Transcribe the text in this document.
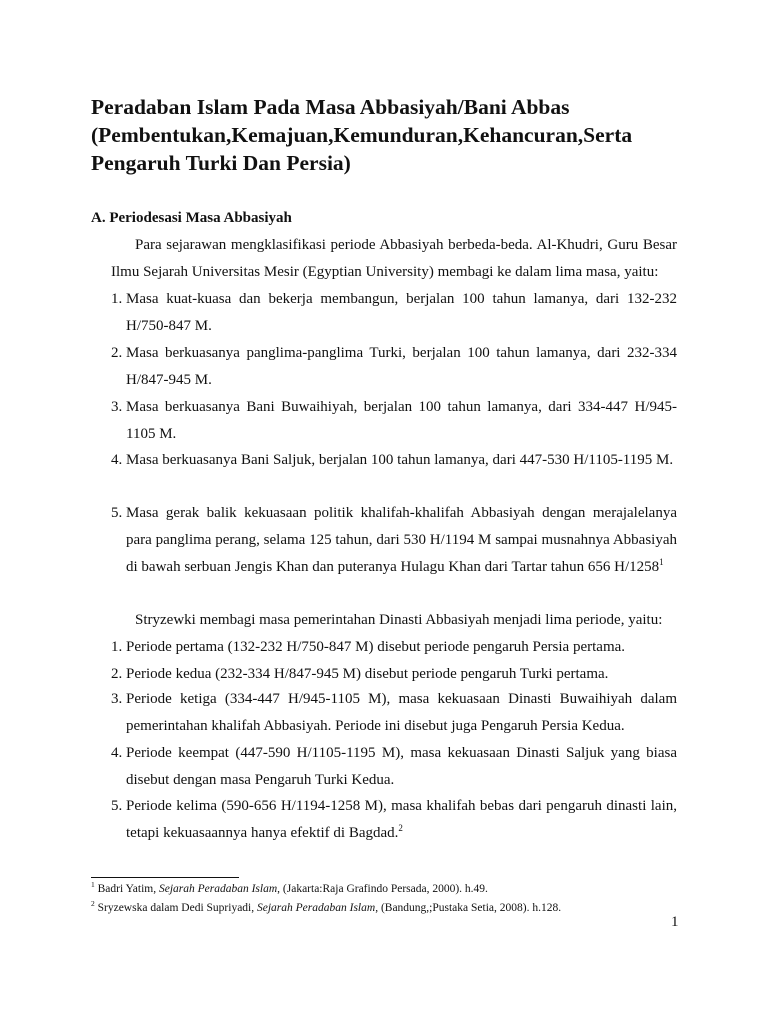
Peradaban Islam Pada Masa Abbasiyah/Bani Abbas
(Pembentukan,Kemajuan,Kemunduran,Kehancuran,Serta
Pengaruh Turki Dan Persia)
A. Periodesasi Masa Abbasiyah

Para sejarawan mengklasifikasi periode Abbasiyah berbeda-beda. Al-Khudri, Guru Besar Ilmu Sejarah Universitas Mesir (Egyptian University) membagi ke dalam lima masa, yaitu:

1. Masa kuat-kuasa dan bekerja membangun, berjalan 100 tahun lamanya, dari 132-232 H/750-847 M.
2. Masa berkuasanya panglima-panglima Turki, berjalan 100 tahun lamanya, dari 232-334 H/847-945 M.
3. Masa berkuasanya Bani Buwaihiyah, berjalan 100 tahun lamanya, dari 334-447 H/945-1105 M.
4. Masa berkuasanya Bani Saljuk, berjalan 100 tahun lamanya, dari 447-530 H/1105-1195 M.
5. Masa gerak balik kekuasaan politik khalifah-khalifah Abbasiyah dengan merajalelanya para panglima perang, selama 125 tahun, dari 530 H/1194 M sampai musnahnya Abbasiyah di bawah serbuan Jengis Khan dan puteranya Hulagu Khan dari Tartar tahun 656 H/1258$^1$

Stryzewki membagi masa pemerintahan Dinasti Abbasiyah menjadi lima periode, yaitu:

1. Periode pertama (132-232 H/750-847 M) disebut periode pengaruh Persia pertama.
2. Periode kedua (232-334 H/847-945 M) disebut periode pengaruh Turki pertama.
3. Periode ketiga (334-447 H/945-1105 M), masa kekuasaan Dinasti Buwaihiyah dalam pemerintahan khalifah Abbasiyah. Periode ini disebut juga Pengaruh Persia Kedua.
4. Periode keempat (447-590 H/1105-1195 M), masa kekuasaan Dinasti Saljuk yang biasa disebut dengan masa Pengaruh Turki Kedua.
5. Periode kelima (590-656 H/1194-1258 M), masa khalifah bebas dari pengaruh dinasti lain, tetapi kekuasaannya hanya efektif di Bagdad.$^2$

$^1$ Badri Yatim, Sejarah Peradaban Islam, (Jakarta:Raja Grafindo Persada, 2000). h.49.

$^2$ Sryzewska dalam Dedi Supriyadi, Sejarah Peradaban Islam, (Bandung,;Pustaka Setia, 2008). h.128.

1
